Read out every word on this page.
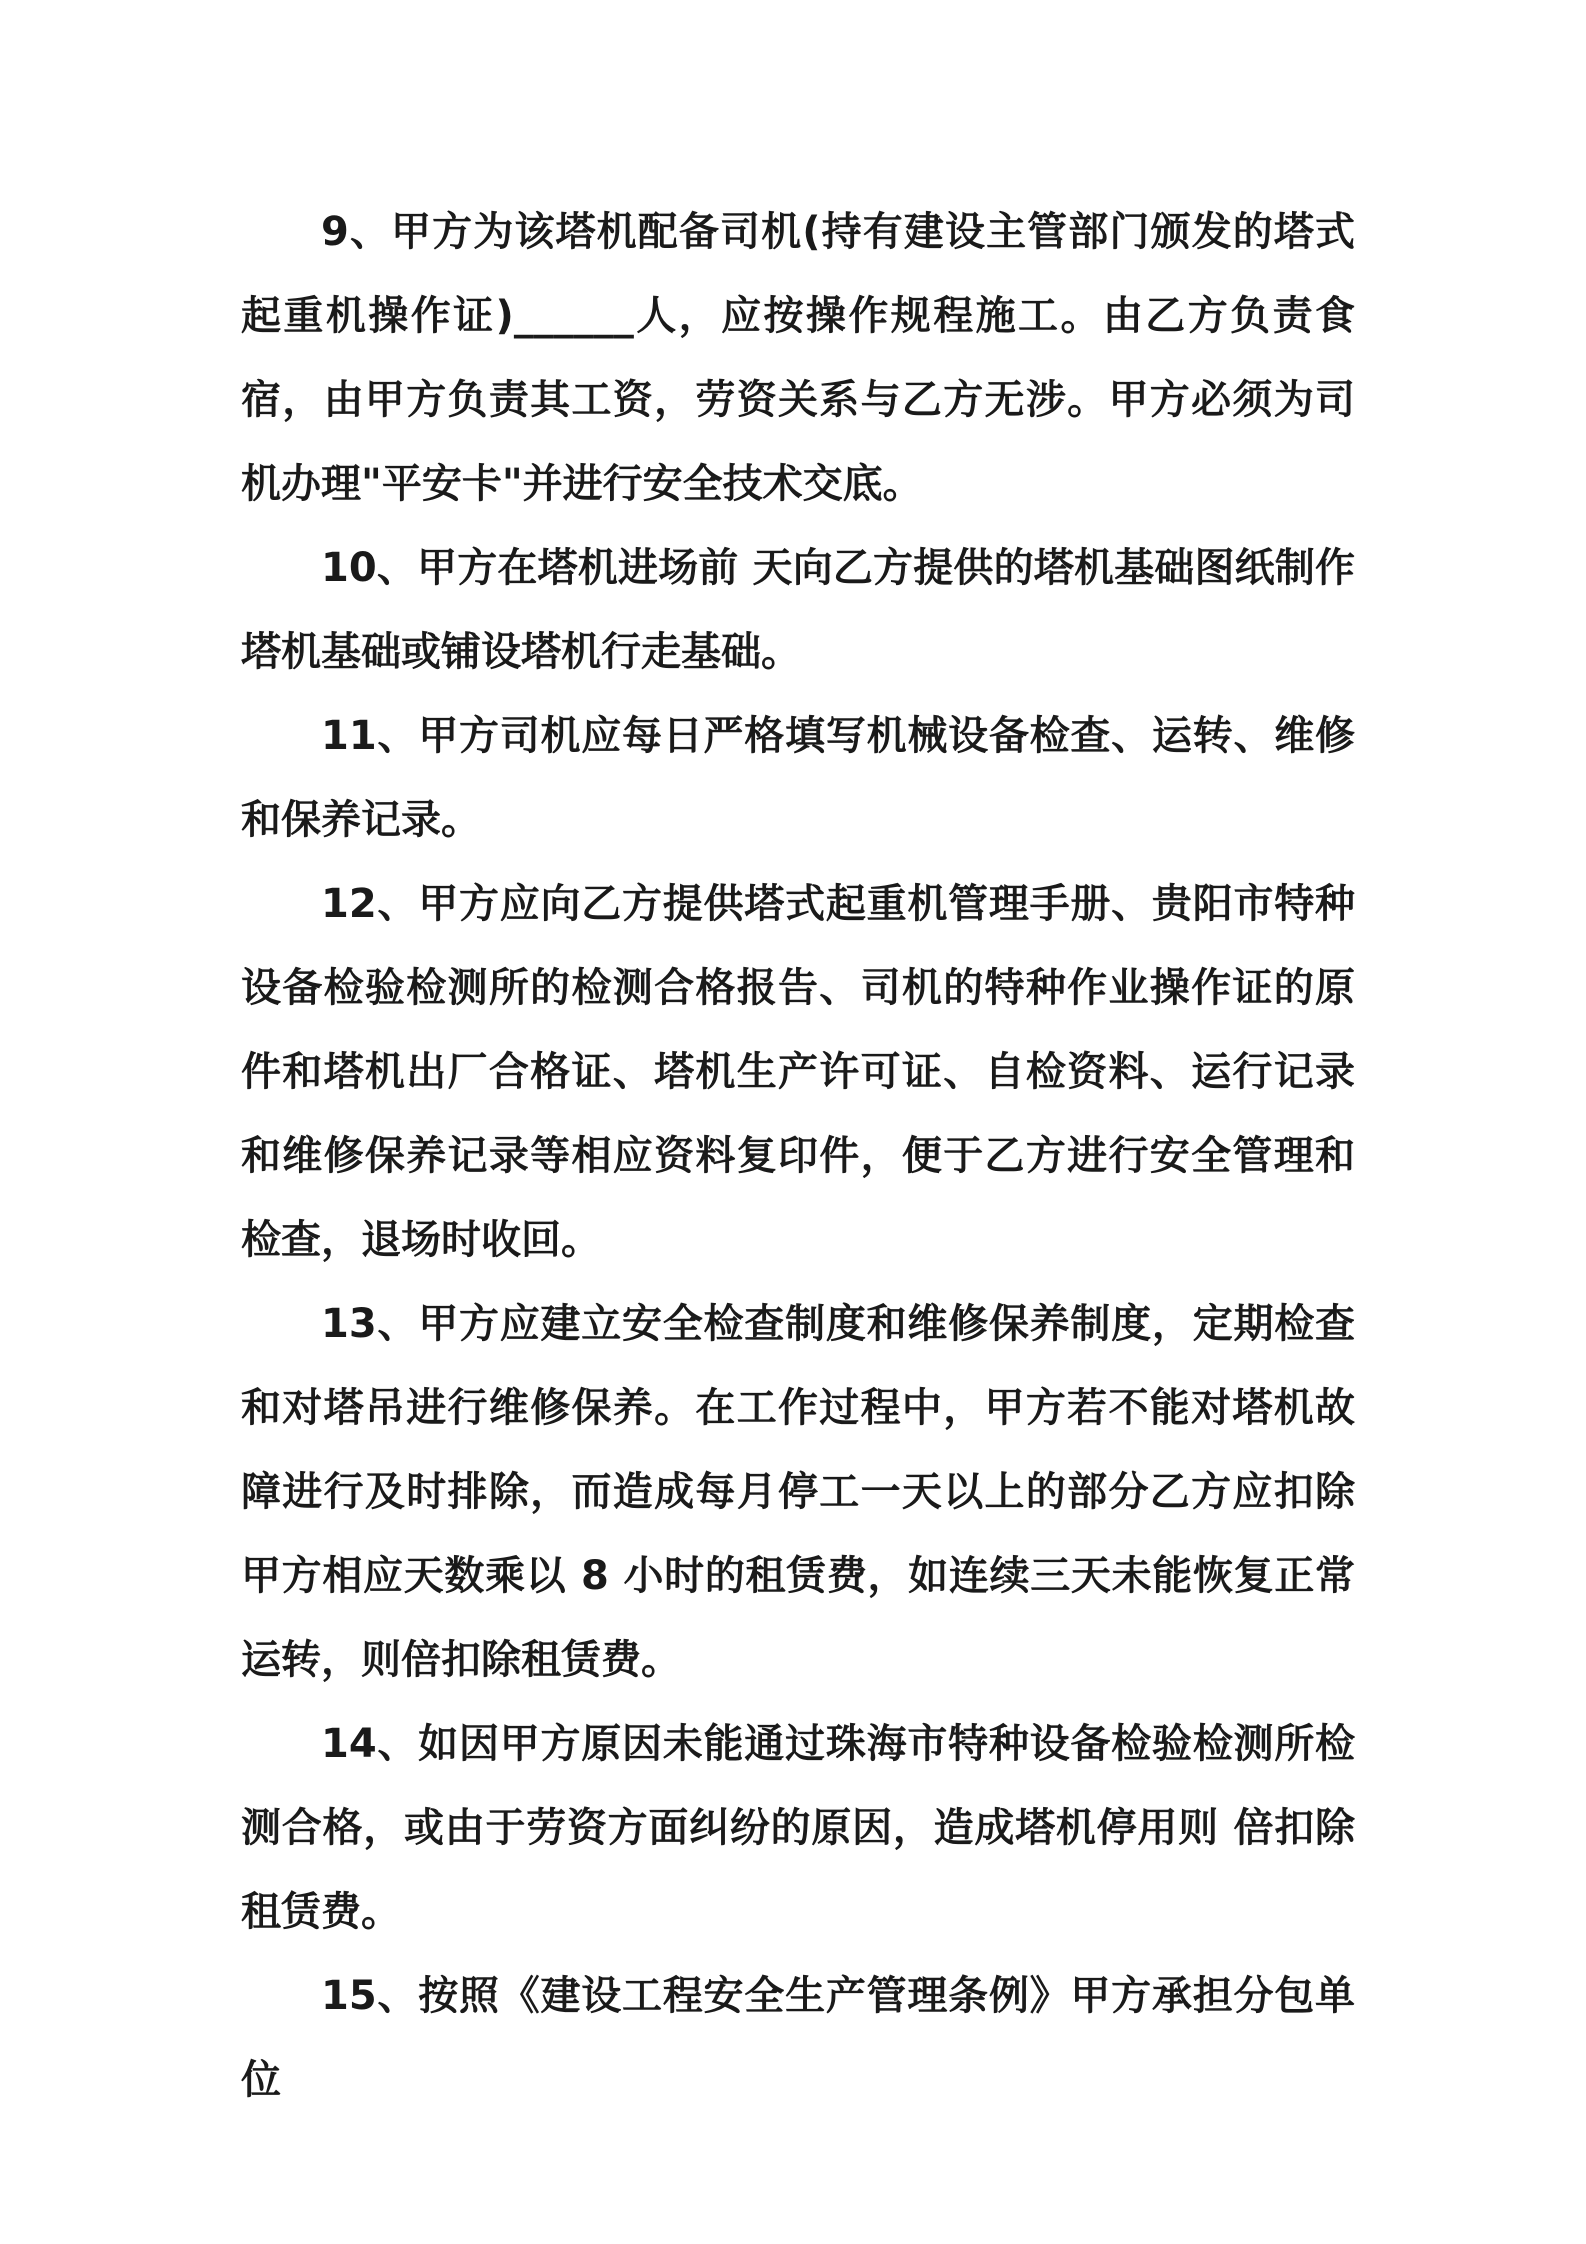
9、甲方为该塔机配备司机(持有建设主管部门颁发的塔式起重机操作证)______人，应按操作规程施工。由乙方负责食宿，由甲方负责其工资，劳资关系与乙方无涉。甲方必须为司机办理"平安卡"并进行安全技术交底。

10、甲方在塔机进场前 天向乙方提供的塔机基础图纸制作塔机基础或铺设塔机行走基础。

11、甲方司机应每日严格填写机械设备检查、运转、维修和保养记录。

12、甲方应向乙方提供塔式起重机管理手册、贵阳市特种设备检验检测所的检测合格报告、司机的特种作业操作证的原件和塔机出厂合格证、塔机生产许可证、自检资料、运行记录和维修保养记录等相应资料复印件，便于乙方进行安全管理和检查，退场时收回。

13、甲方应建立安全检查制度和维修保养制度，定期检查和对塔吊进行维修保养。在工作过程中，甲方若不能对塔机故障进行及时排除，而造成每月停工一天以上的部分乙方应扣除甲方相应天数乘以 8 小时的租赁费，如连续三天未能恢复正常运转，则倍扣除租赁费。

14、如因甲方原因未能通过珠海市特种设备检验检测所检测合格，或由于劳资方面纠纷的原因，造成塔机停用则 倍扣除租赁费。

15、按照《建设工程安全生产管理条例》甲方承担分包单位
